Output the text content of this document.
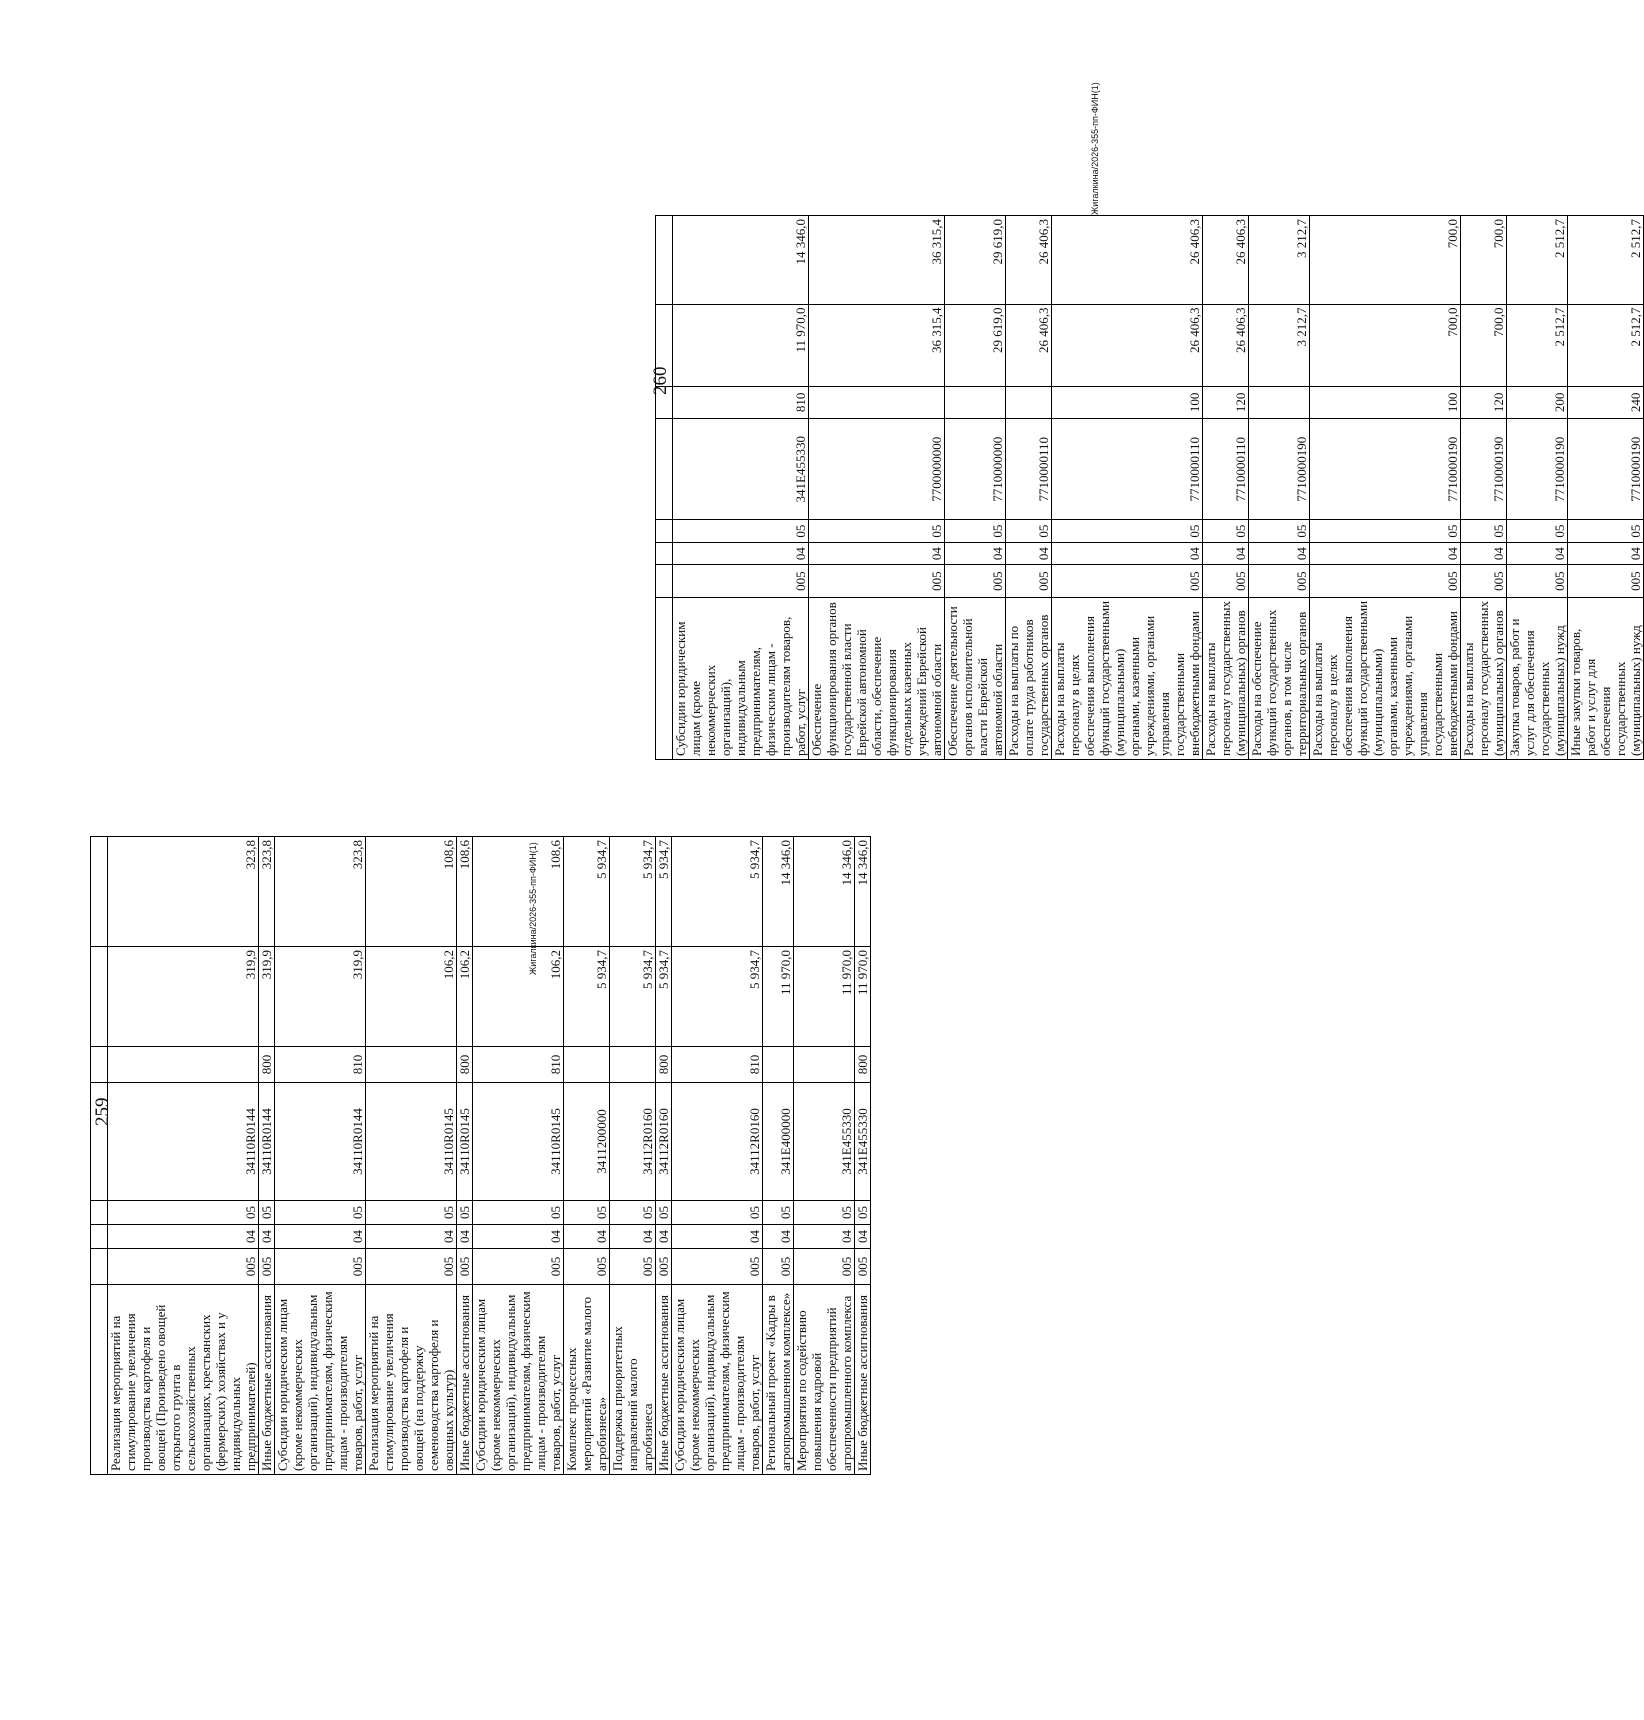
Реализация мероприятий на стимулирование увеличения производства картофеля и овощей (Произведено овощей открытого грунта в сельскохозяйственных организациях, крестьянских (фермерских) хозяйствах и у индивидуальных предпринимателей)	005	04	05	34110R0144		319,9	323,8
Иные бюджетные ассигнования	005	04	05	34110R0144	800	319,9	323,8
Субсидии юридическим лицам (кроме некоммерческих организаций), индивидуальным предпринимателям, физическим лицам - производителям товаров, работ, услуг	005	04	05	34110R0144	810	319,9	323,8
Реализация мероприятий на стимулирование увеличения производства картофеля и овощей (на поддержку семеноводства картофеля и овощных культур)	005	04	05	34110R0145		106,2	108,6
Иные бюджетные ассигнования	005	04	05	34110R0145	800	106,2	108,6
Субсидии юридическим лицам (кроме некоммерческих организаций), индивидуальным предпринимателям, физическим лицам - производителям товаров, работ, услуг	005	04	05	34110R0145	810	106,2	108,6
Комплекс процессных мероприятий «Развитие малого агробизнеса»	005	04	05	3411200000		5 934,7	5 934,7
Поддержка приоритетных направлений малого агробизнеса	005	04	05	34112R0160		5 934,7	5 934,7
Иные бюджетные ассигнования	005	04	05	34112R0160	800	5 934,7	5 934,7
Субсидии юридическим лицам (кроме некоммерческих организаций), индивидуальным предпринимателям, физическим лицам - производителям товаров, работ, услуг	005	04	05	34112R0160	810	5 934,7	5 934,7
Региональный проект «Кадры в агропромышленном комплексе»	005	04	05	341Е400000		11 970,0	14 346,0
Мероприятия по содействию повышения кадровой обеспеченности предприятий агропромышленного комплекса	005	04	05	341Е455330		11 970,0	14 346,0
Иные бюджетные ассигнования	005	04	05	341Е455330	800	11 970,0	14 346,0
259
Жигалкина/2026-355-пп-ФИН(1)

Субсидии юридическим лицам (кроме некоммерческих организаций), индивидуальным предпринимателям, физическим лицам - производителям товаров, работ, услуг	005	04	05	341Е455330	810	11 970,0	14 346,0
Обеспечение функционирования органов государственной власти Еврейской автономной области, обеспечение функционирования отдельных казенных учреждений Еврейской автономной области	005	04	05	7700000000		36 315,4	36 315,4
Обеспечение деятельности органов исполнительной власти Еврейской автономной области	005	04	05	7710000000		29 619,0	29 619,0
Расходы на выплаты по оплате труда работников государственных органов	005	04	05	7710000110		26 406,3	26 406,3
Расходы на выплаты персоналу в целях обеспечения выполнения функций государственными (муниципальными) органами, казенными учреждениями, органами управления государственными внебюджетными фондами	005	04	05	7710000110	100	26 406,3	26 406,3
Расходы на выплаты персоналу государственных (муниципальных) органов	005	04	05	7710000110	120	26 406,3	26 406,3
Расходы на обеспечение функций государственных органов, в том числе территориальных органов	005	04	05	7710000190		3 212,7	3 212,7
Расходы на выплаты персоналу в целях обеспечения выполнения функций государственными (муниципальными) органами, казенными учреждениями, органами управления государственными внебюджетными фондами	005	04	05	7710000190	100	700,0	700,0
Расходы на выплаты персоналу государственных (муниципальных) органов	005	04	05	7710000190	120	700,0	700,0
Закупка товаров, работ и услуг для обеспечения государственных (муниципальных) нужд	005	04	05	7710000190	200	2 512,7	2 512,7
Иные закупки товаров, работ и услуг для обеспечения государственных (муниципальных) нужд	005	04	05	7710000190	240	2 512,7	2 512,7
260
Жигалкина/2026-355-пп-ФИН(1)
